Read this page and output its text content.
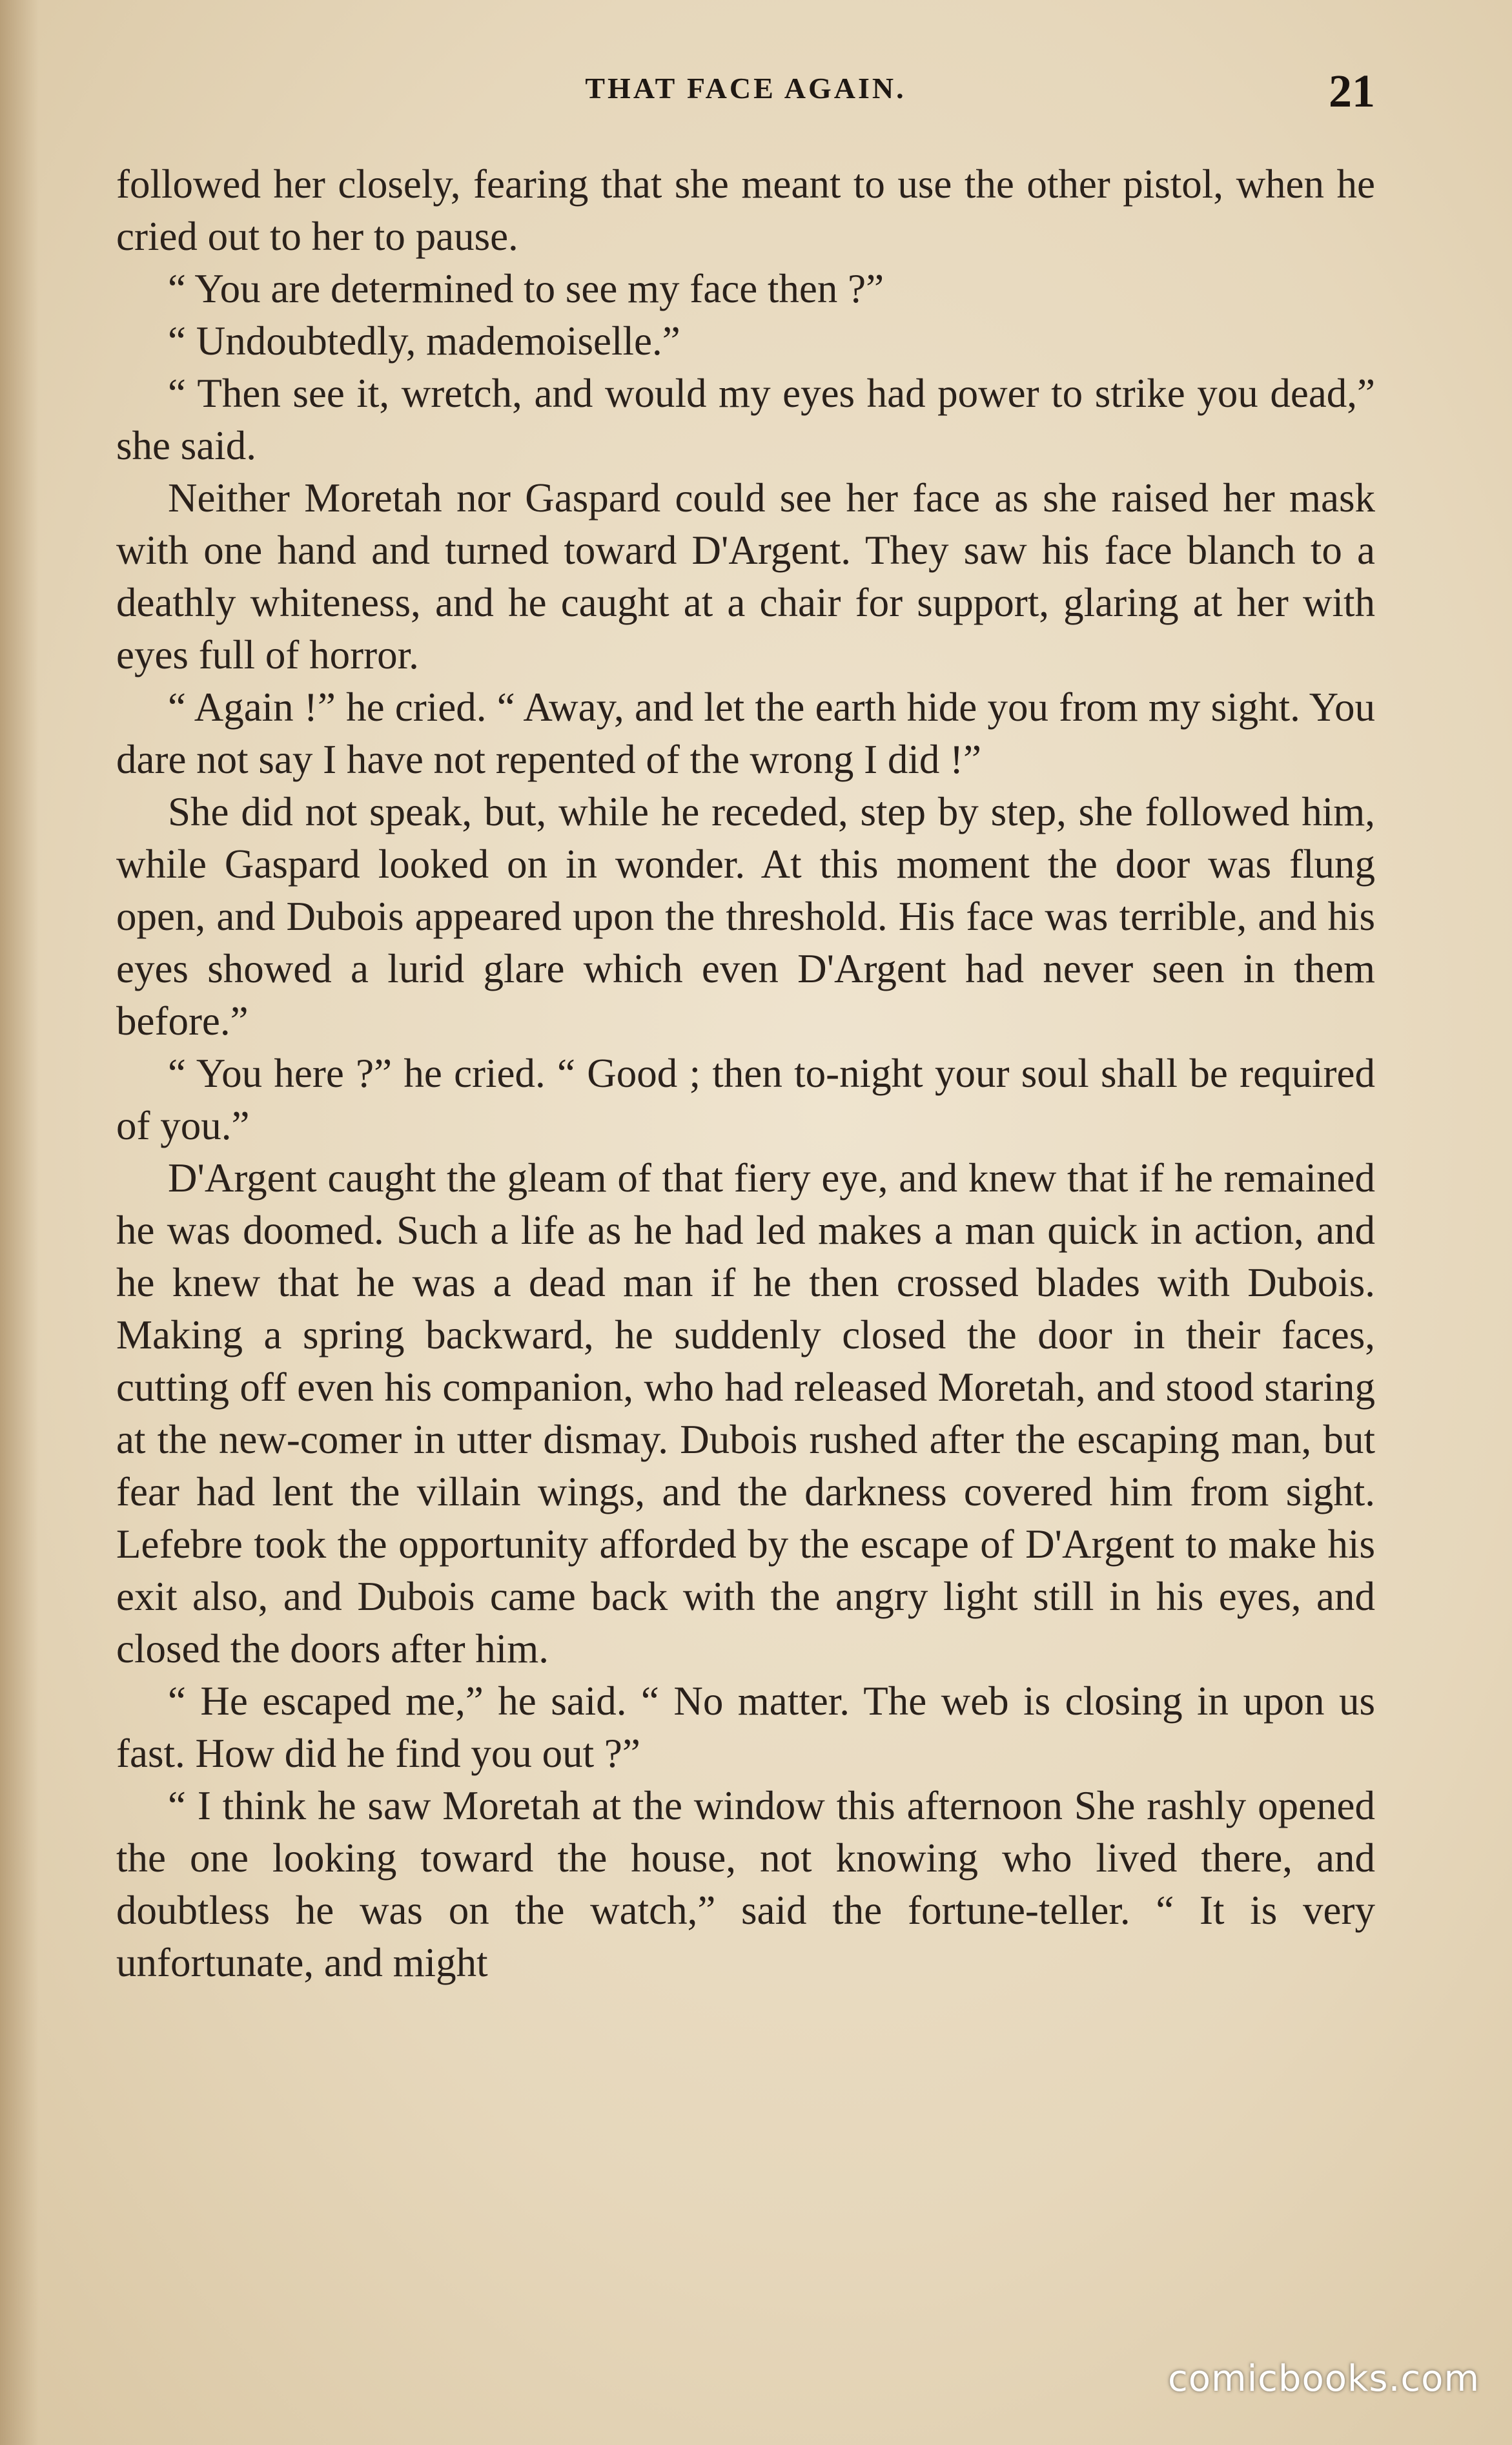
THAT FACE AGAIN.	21

followed her closely, fearing that she meant to use the other pistol, when he cried out to her to pause.

“ You are determined to see my face then ?”

“ Undoubtedly, mademoiselle.”

“ Then see it, wretch, and would my eyes had power to strike you dead,” she said.

Neither Moretah nor Gaspard could see her face as she raised her mask with one hand and turned toward D'Argent. They saw his face blanch to a deathly whiteness, and he caught at a chair for support, glaring at her with eyes full of horror.

“ Again !” he cried. “ Away, and let the earth hide you from my sight. You dare not say I have not repented of the wrong I did !”

She did not speak, but, while he receded, step by step, she followed him, while Gaspard looked on in wonder. At this moment the door was flung open, and Dubois appeared upon the threshold. His face was terrible, and his eyes showed a lurid glare which even D'Argent had never seen in them before.”

“ You here ?” he cried. “ Good ; then to-night your soul shall be required of you.”

D'Argent caught the gleam of that fiery eye, and knew that if he remained he was doomed. Such a life as he had led makes a man quick in action, and he knew that he was a dead man if he then crossed blades with Dubois. Making a spring backward, he suddenly closed the door in their faces, cutting off even his companion, who had released Moretah, and stood staring at the new-comer in utter dismay. Dubois rushed after the escaping man, but fear had lent the villain wings, and the darkness covered him from sight. Lefebre took the opportunity afforded by the escape of D'Argent to make his exit also, and Dubois came back with the angry light still in his eyes, and closed the doors after him.

“ He escaped me,” he said. “ No matter. The web is closing in upon us fast. How did he find you out ?”

“ I think he saw Moretah at the window this afternoon She rashly opened the one looking toward the house, not knowing who lived there, and doubtless he was on the watch,” said the fortune-teller. “ It is very unfortunate, and might

comicbooks.com
